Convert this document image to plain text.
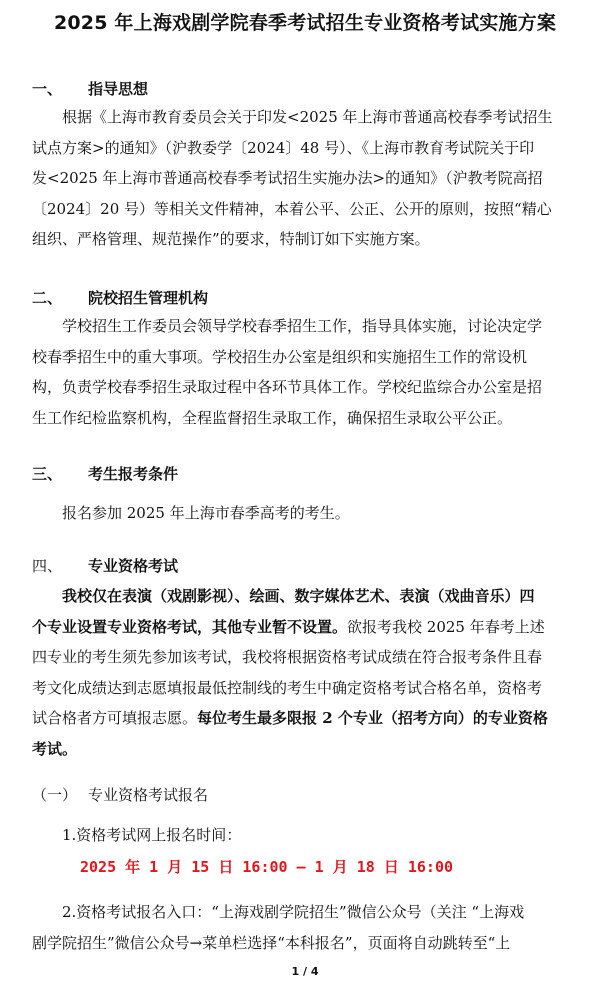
2025 年上海戏剧学院春季考试招生专业资格考试实施方案
一、 指导思想
根据《上海市教育委员会关于印发<2025 年上海市普通高校春季考试招生
试点方案>的通知》（沪教委学〔2024〕48 号）、《上海市教育考试院关于印
发<2025 年上海市普通高校春季考试招生实施办法>的通知》（沪教考院高招
〔2024〕20 号）等相关文件精神，本着公平、公正、公开的原则，按照“精心
组织、严格管理、规范操作”的要求，特制订如下实施方案。
二、 院校招生管理机构
学校招生工作委员会领导学校春季招生工作，指导具体实施，讨论决定学
校春季招生中的重大事项。学校招生办公室是组织和实施招生工作的常设机
构，负责学校春季招生录取过程中各环节具体工作。学校纪监综合办公室是招
生工作纪检监察机构，全程监督招生录取工作，确保招生录取公平公正。
三、 考生报考条件
报名参加 2025 年上海市春季高考的考生。
四、 专业资格考试
我校仅在表演（戏剧影视）、绘画、数字媒体艺术、表演（戏曲音乐）四
个专业设置专业资格考试，其他专业暂不设置。欲报考我校 2025 年春考上述
四专业的考生须先参加该考试，我校将根据资格考试成绩在符合报考条件且春
考文化成绩达到志愿填报最低控制线的考生中确定资格考试合格名单，资格考
试合格者方可填报志愿。每位考生最多限报 2 个专业（招考方向）的专业资格
考试。
（一） 专业资格考试报名
1.资格考试网上报名时间：
2025 年 1 月 15 日 16:00 – 1 月 18 日 16:00
2.资格考试报名入口：“上海戏剧学院招生”微信公众号（关注 “上海戏
剧学院招生”微信公众号→菜单栏选择“本科报名”，页面将自动跳转至“上
1 / 4
